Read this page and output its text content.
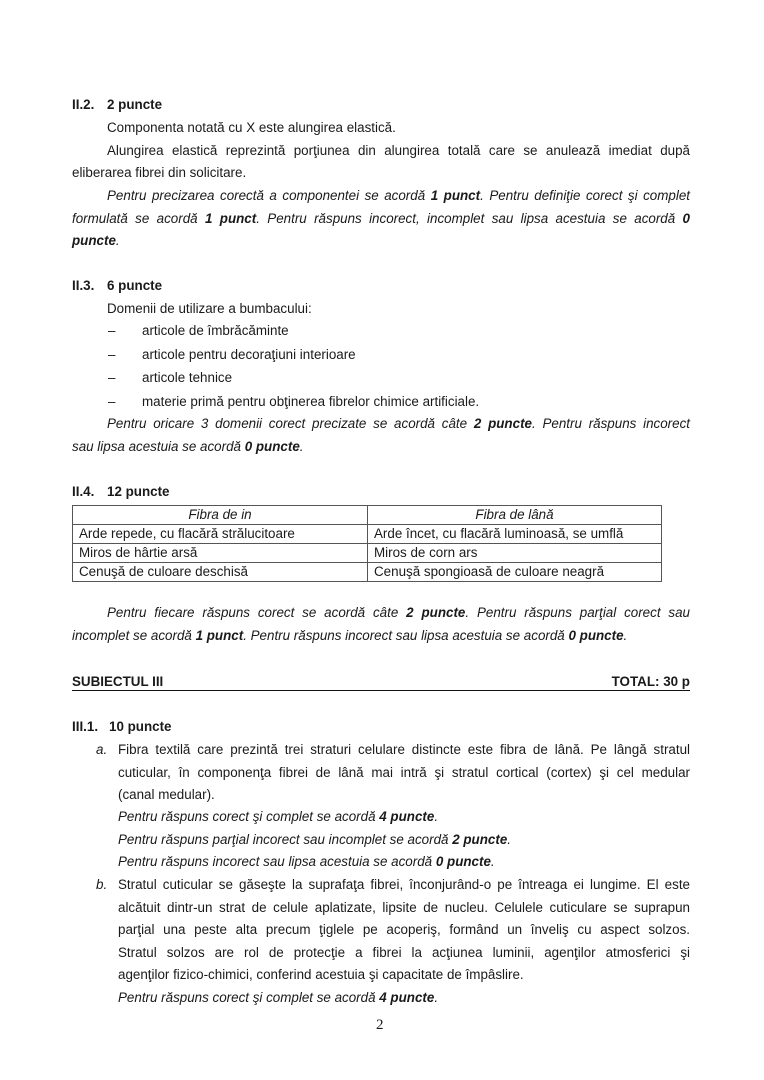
II.2. 2 puncte
Componenta notată cu X este alungirea elastică.
Alungirea elastică reprezintă porţiunea din alungirea totală care se anulează imediat după
eliberarea fibrei din solicitare.
Pentru precizarea corectă a componentei se acordă 1 punct. Pentru definiţie corect şi complet
formulată se acordă 1 punct. Pentru răspuns incorect, incomplet sau lipsa acestuia se acordă 0
puncte.
II.3. 6 puncte
Domenii de utilizare a bumbacului:
– articole de îmbrăcăminte
– articole pentru decoraţiuni interioare
– articole tehnice
– materie primă pentru obţinerea fibrelor chimice artificiale.
Pentru oricare 3 domenii corect precizate se acordă câte 2 puncte. Pentru răspuns incorect
sau lipsa acestuia se acordă 0 puncte.
II.4. 12 puncte
Fibra de in	Fibra de lână
Arde repede, cu flacără strălucitoare	Arde încet, cu flacără luminoasă, se umflă
Miros de hârtie arsă	Miros de corn ars
Cenuşă de culoare deschisă	Cenuşă spongioasă de culoare neagră
Pentru fiecare răspuns corect se acordă câte 2 puncte. Pentru răspuns parţial corect sau
incomplet se acordă 1 punct. Pentru răspuns incorect sau lipsa acestuia se acordă 0 puncte.
SUBIECTUL III	TOTAL: 30 p
III.1. 10 puncte
a. Fibra textilă care prezintă trei straturi celulare distincte este fibra de lână. Pe lângă stratul
cuticular, în componenţa fibrei de lână mai intră şi stratul cortical (cortex) şi cel medular
(canal medular).
Pentru răspuns corect şi complet se acordă 4 puncte.
Pentru răspuns parţial incorect sau incomplet se acordă 2 puncte.
Pentru răspuns incorect sau lipsa acestuia se acordă 0 puncte.
b. Stratul cuticular se găseşte la suprafaţa fibrei, înconjurând-o pe întreaga ei lungime. El este
alcătuit dintr-un strat de celule aplatizate, lipsite de nucleu. Celulele cuticulare se suprapun
parţial una peste alta precum ţiglele pe acoperiş, formând un înveliş cu aspect solzos.
Stratul solzos are rol de protecţie a fibrei la acţiunea luminii, agenţilor atmosferici şi
agenţilor fizico-chimici, conferind acestuia şi capacitate de împâslire.
Pentru răspuns corect şi complet se acordă 4 puncte.
2
